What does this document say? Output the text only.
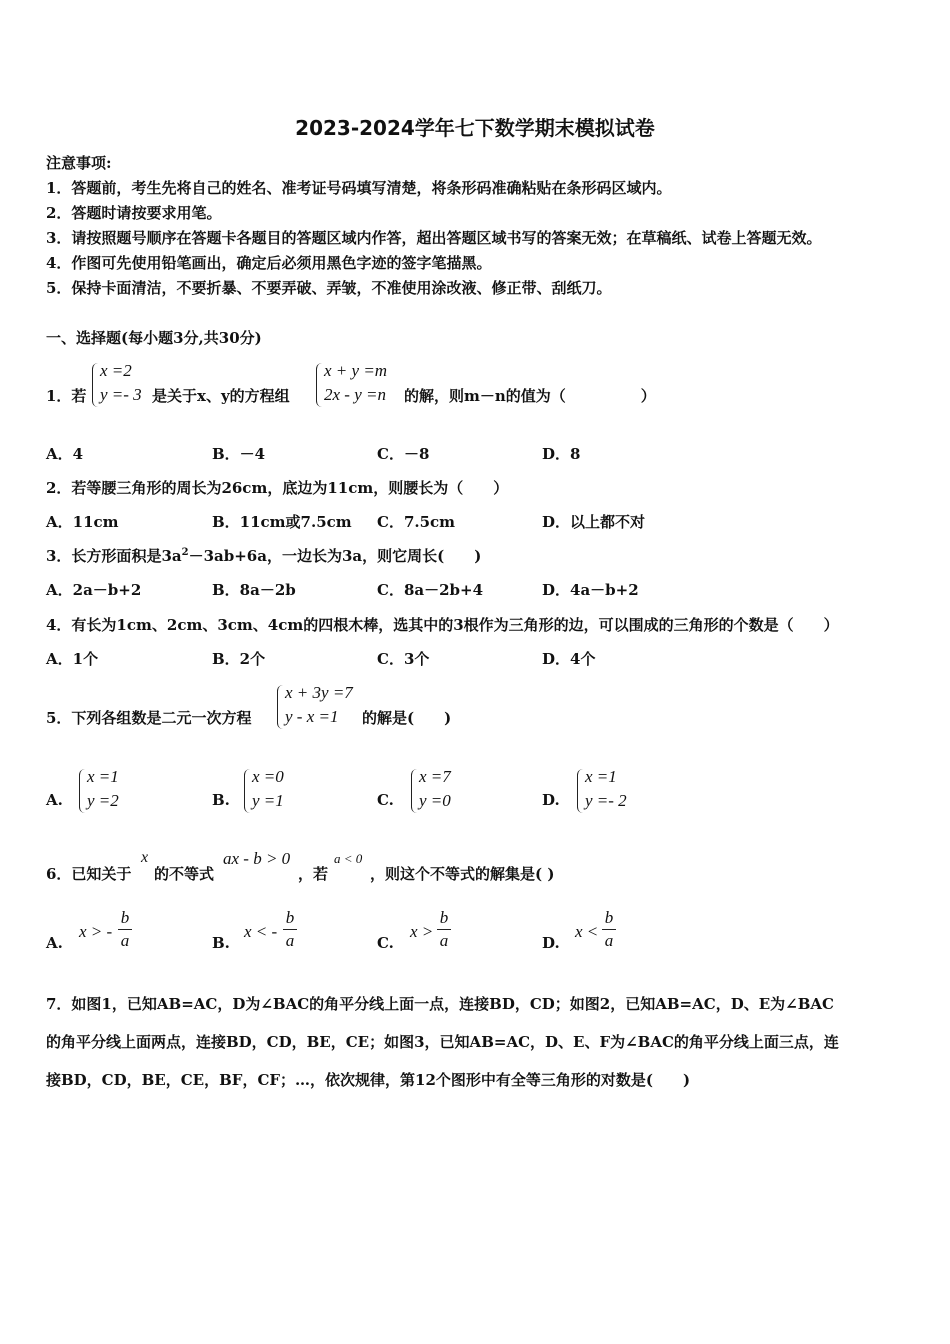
2023-2024学年七下数学期末模拟试卷
注意事项:
1．答题前，考生先将自己的姓名、准考证号码填写清楚，将条形码准确粘贴在条形码区域内。
2．答题时请按要求用笔。
3．请按照题号顺序在答题卡各题目的答题区域内作答，超出答题区域书写的答案无效；在草稿纸、试卷上答题无效。
4．作图可先使用铅笔画出，确定后必须用黑色字迹的签字笔描黑。
5．保持卡面清洁，不要折暴、不要弄破、弄皱，不准使用涂改液、修正带、刮纸刀。
一、选择题(每小题3分,共30分)
1．若
x =2
y =- 3 是关于x、y的方程组
x + y =m
2x - y =n 的解，则m－n的值为（　　　　　）
A．4	B．－4	C．－8	D．8
2．若等腰三角形的周长为26cm，底边为11cm，则腰长为（　　）
A．11cm	B．11cm或7.5cm C．7.5cm	D．以上都不对
3．长方形面积是$3a^2-3ab+6a$，一边长为3a，则它周长(　　)
A．2a－b+2	B．8a－2b	C．8a－2b+4	D．4a－b+2
4．有长为1cm、2cm、3cm、4cm的四根木棒，选其中的3根作为三角形的边，可以围成的三角形的个数是（　　）
A．1个	B．2个	C．3个	D．4个
5．下列各组数是二元一次方程
x + 3y =7
y - x =1 的解是(　　)
A.
x =1
y =2	B.
x =0
y =1	C.
x =7
y =0	D.
x =1
y =- 2
6．已知关于
x
的不等式
ax - b > 0
，若
a < 0
，则这个不等式的解集是( )
A.
x > -
b
a	B.
x < -
b
a	C.
x >
b
a	D.
x <
b
a
7．如图1，已知AB=AC，D为∠BAC的角平分线上面一点，连接BD，CD；如图2，已知AB=AC，D、E为∠BAC
的角平分线上面两点，连接BD，CD，BE，CE；如图3，已知AB=AC，D、E、F为∠BAC的角平分线上面三点，连
接BD，CD，BE，CE，BF，CF；…，依次规律，第12个图形中有全等三角形的对数是(　　)
